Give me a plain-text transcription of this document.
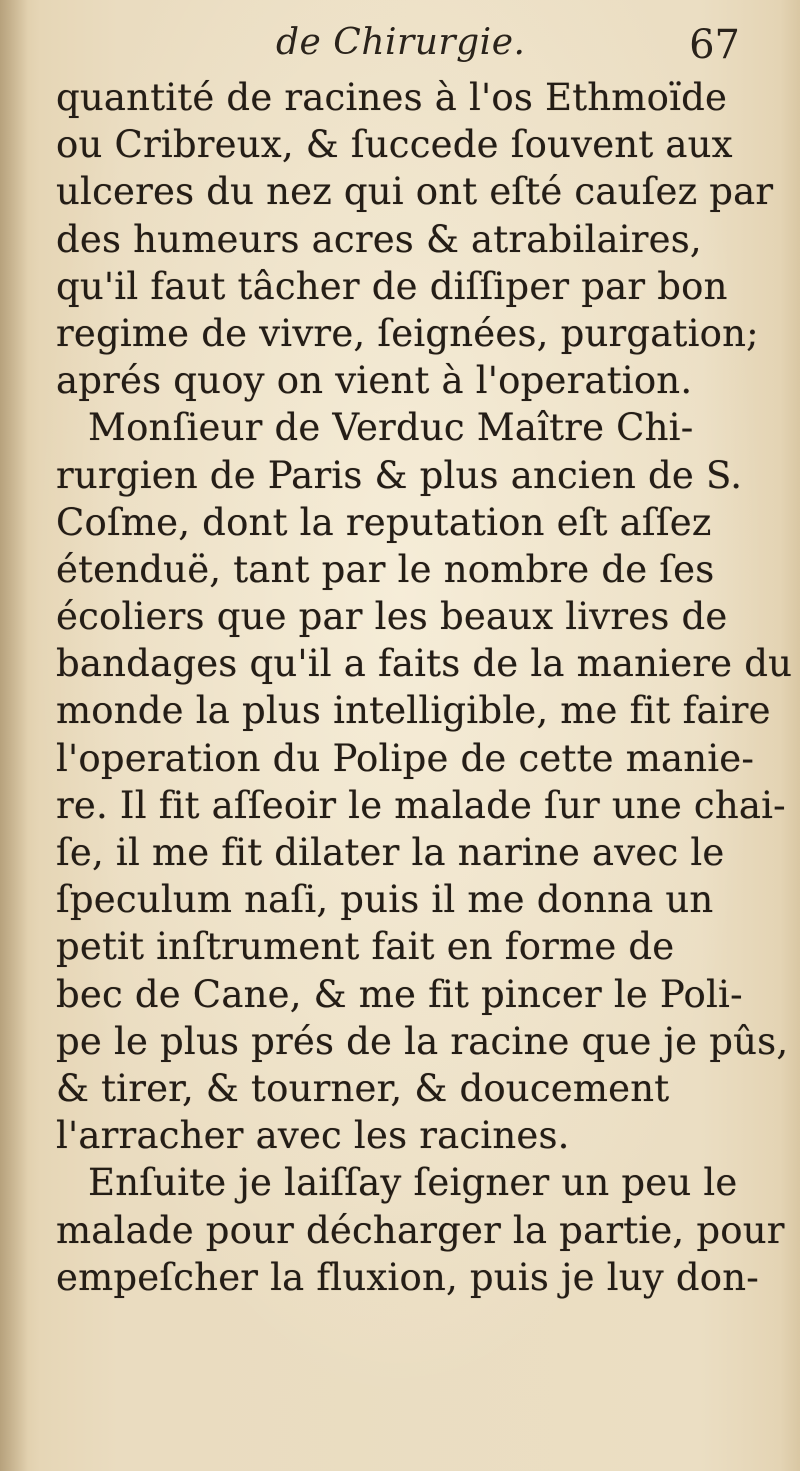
de Chirurgie.	67
quantité de racines à l'os Ethmoïde
ou Cribreux, & ſuccede ſouvent aux
ulceres du nez qui ont eſté cauſez par
des humeurs acres & atrabilaires,
qu'il faut tâcher de diſſiper par bon
regime de vivre, ſeignées, purgation;
aprés quoy on vient à l'operation.
Monſieur de Verduc Maître Chi-
rurgien de Paris & plus ancien de S.
Coſme, dont la reputation eſt aſſez
étenduë, tant par le nombre de ſes
écoliers que par les beaux livres de
bandages qu'il a faits de la maniere du
monde la plus intelligible, me fit faire
l'operation du Polipe de cette manie-
re. Il fit aſſeoir le malade ſur une chai-
ſe, il me fit dilater la narine avec le
ſpeculum naſi, puis il me donna un
petit inſtrument fait en forme de
bec de Cane, & me fit pincer le Poli-
pe le plus prés de la racine que je pûs,
& tirer, & tourner, & doucement
l'arracher avec les racines.
Enſuite je laiſſay ſeigner un peu le
malade pour décharger la partie, pour
empeſcher la fluxion, puis je luy don-
